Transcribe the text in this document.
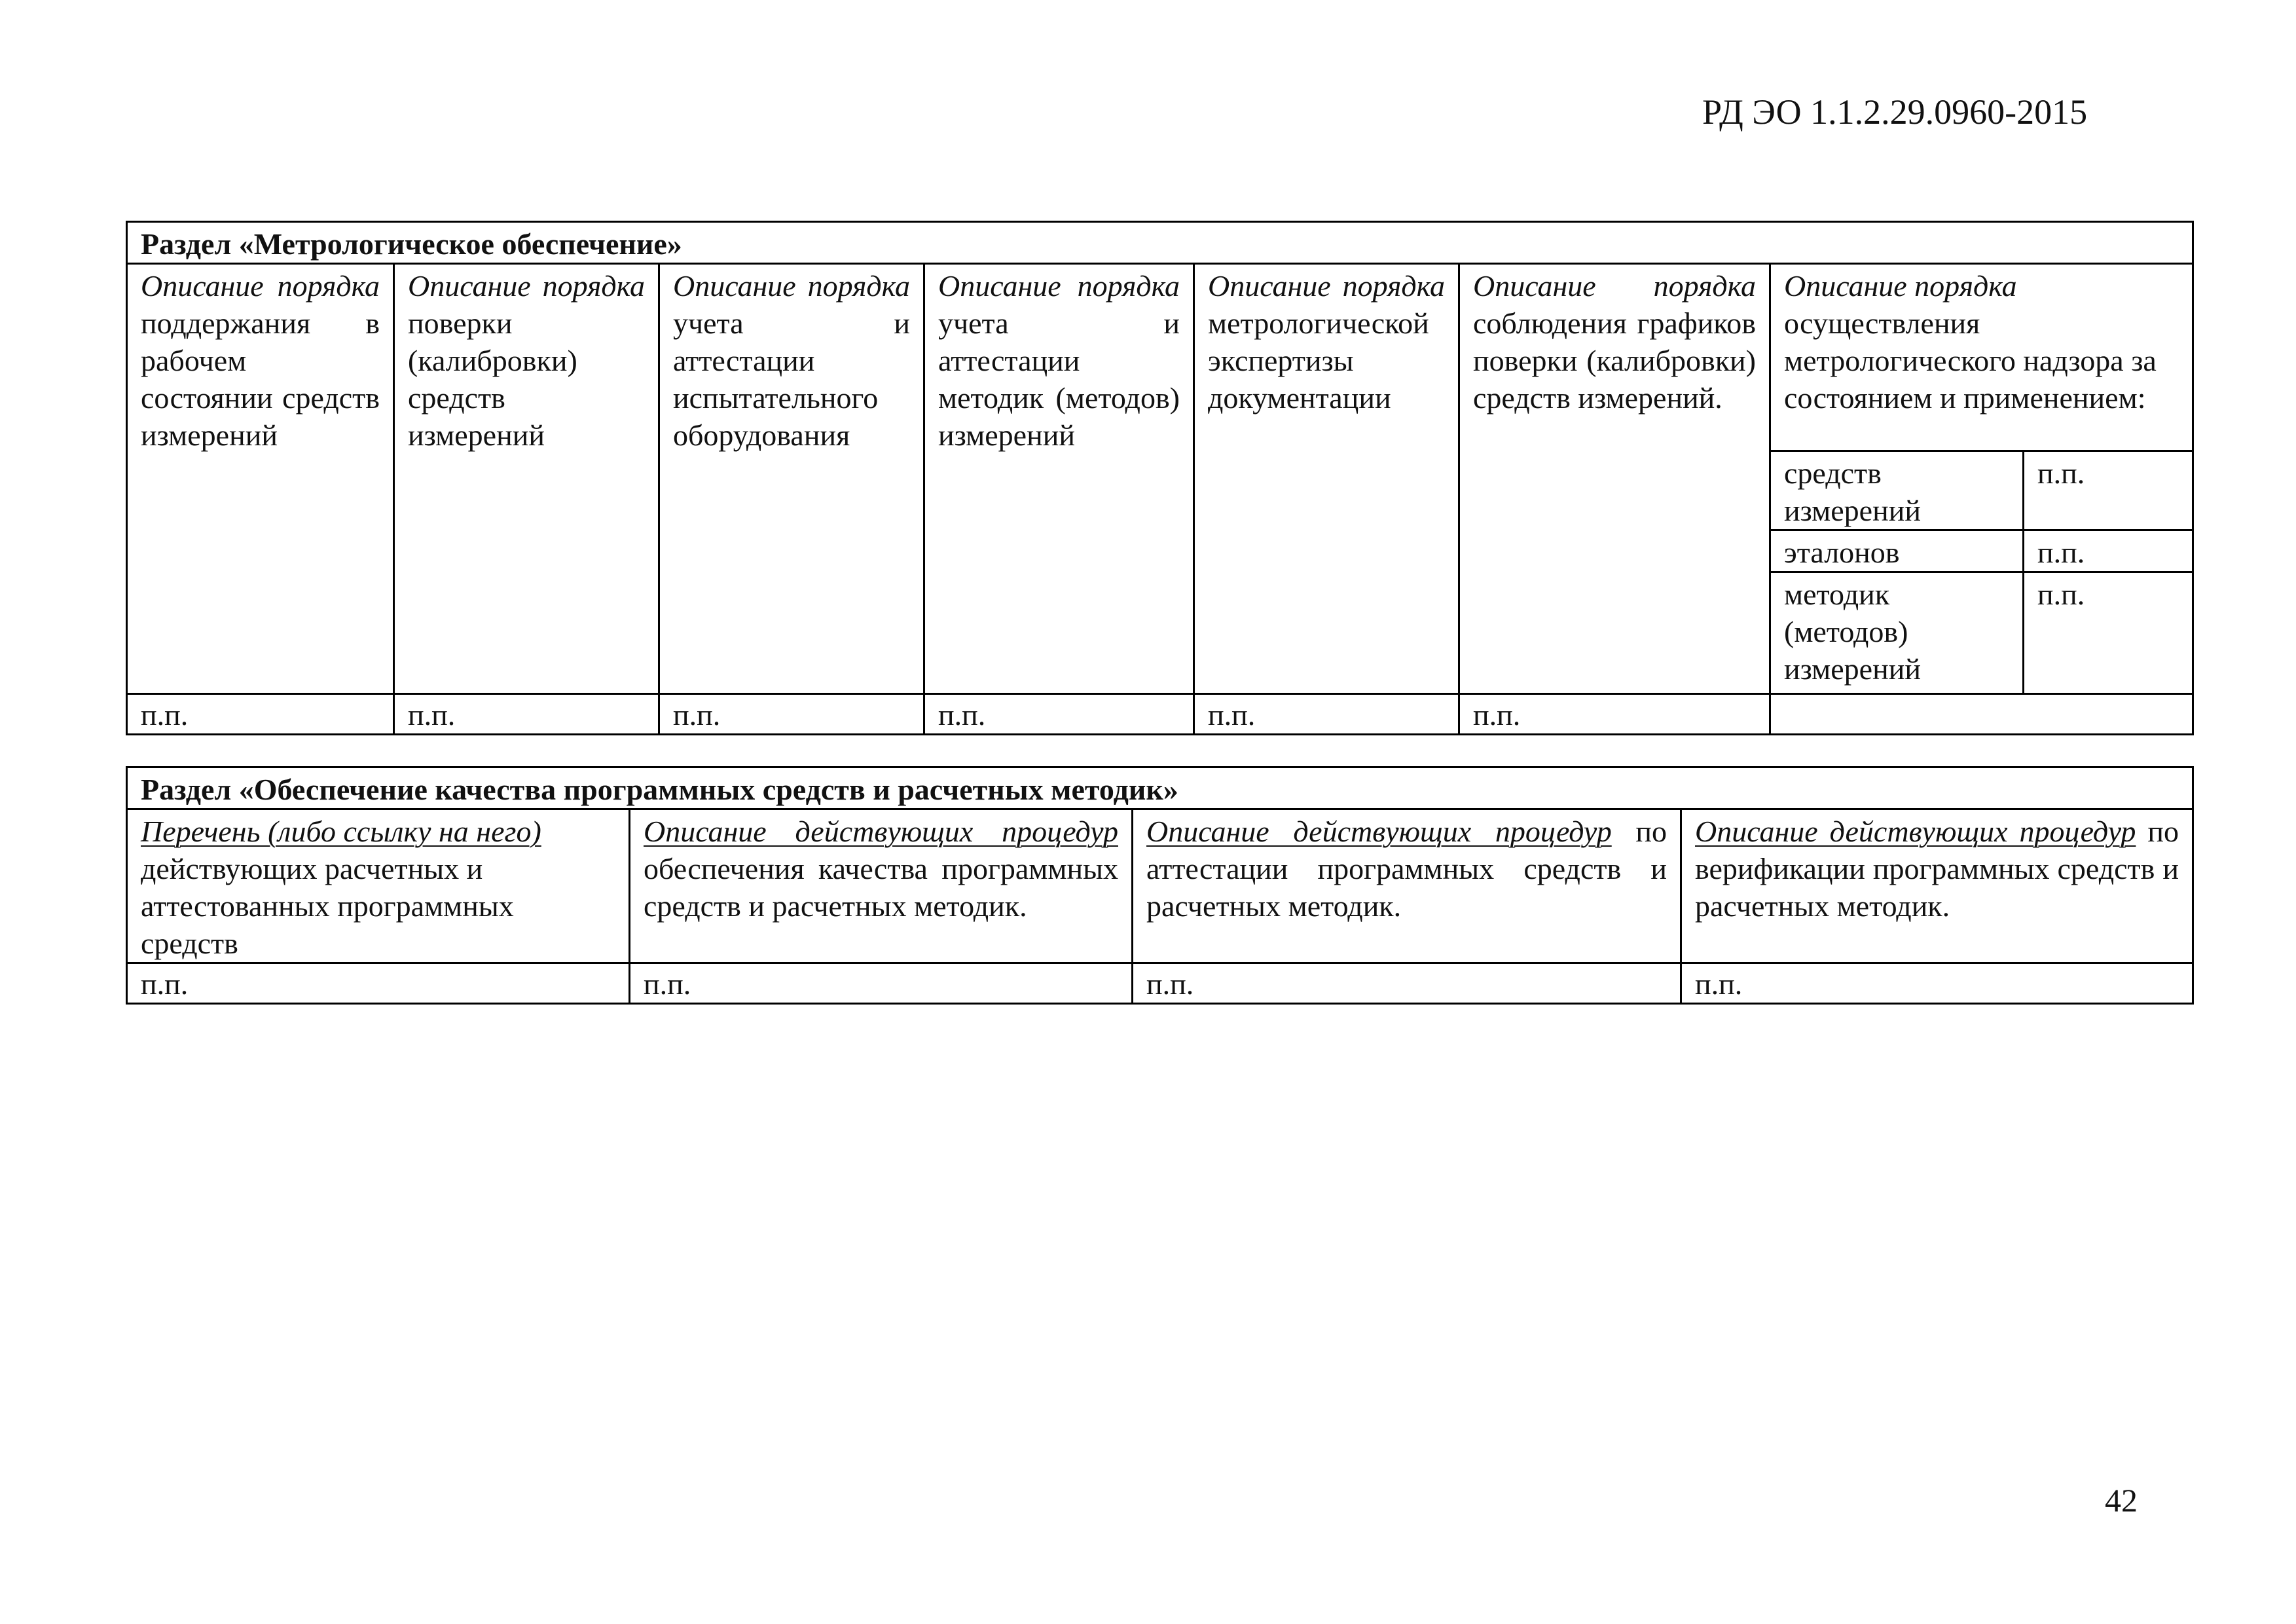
РД ЭО 1.1.2.29.0960-2015
Раздел «Метрологическое обеспечение»							
Описание порядка поддержания в рабочем состоянии средств измерений	Описание порядка поверки (калибровки) средств измерений	Описание порядка учета и аттестации испытательного оборудования	Описание порядка учета и аттестации методик (методов) измерений	Описание порядка метрологической экспертизы документации	Описание порядка соблюдения графиков поверки (калибровки) средств измерений.	Описание порядка осуществления метрологического надзора за состоянием и применением:	
						средств измерений	п.п.
						эталонов	п.п.
						методик (методов) измерений	п.п.
п.п.	п.п.	п.п.	п.п.	п.п.	п.п.		
Раздел «Обеспечение качества программных средств и расчетных методик»			
Перечень (либо ссылку на него) действующих расчетных и аттестованных программных средств	Описание действующих процедур обеспечения качества программных средств и расчетных методик.	Описание действующих процедур по аттестации программных средств и расчетных методик.	Описание действующих процедур по верификации программных средств и расчетных методик.
п.п.	п.п.	п.п.	п.п.
42
